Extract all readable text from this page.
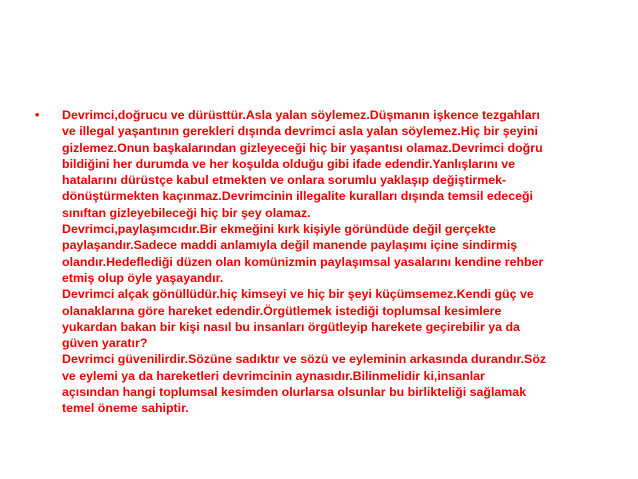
•	Devrimci,doğrucu ve dürüsttür.Asla yalan söylemez.Düşmanın işkence tezgahları
ve illegal yaşantının gerekleri dışında devrimci asla yalan söylemez.Hiç bir şeyini
gizlemez.Onun başkalarından gizleyeceği hiç bir yaşantısı olamaz.Devrimci doğru
bildiğini her durumda ve her koşulda olduğu gibi ifade edendir.Yanlışlarını ve
hatalarını dürüstçe kabul etmekten ve onlara sorumlu yaklaşıp değiştirmek-
dönüştürmekten kaçınmaz.Devrimcinin illegalite kuralları dışında temsil edeceği
sınıftan gizleyebileceği hiç bir şey olamaz.
Devrimci,paylaşımcıdır.Bir ekmeğini kırk kişiyle göründüde değil gerçekte
paylaşandır.Sadece maddi anlamıyla değil manende paylaşımı içine sindirmiş
olandır.Hedeflediği düzen olan komünizmin paylaşımsal yasalarını kendine rehber
etmiş olup öyle yaşayandır.
Devrimci alçak gönüllüdür.hiç kimseyi ve hiç bir şeyi küçümsemez.Kendi güç ve
olanaklarına göre hareket edendir.Örgütlemek istediği toplumsal kesimlere
yukardan bakan bir kişi nasıl bu insanları örgütleyip harekete geçirebilir ya da
güven yaratır?
Devrimci güvenilirdir.Sözüne sadıktır ve sözü ve eyleminin arkasında durandır.Söz
ve eylemi ya da hareketleri devrimcinin aynasıdır.Bilinmelidir ki,insanlar
açısından hangi toplumsal kesimden olurlarsa olsunlar bu birlikteliği sağlamak
temel öneme sahiptir.
